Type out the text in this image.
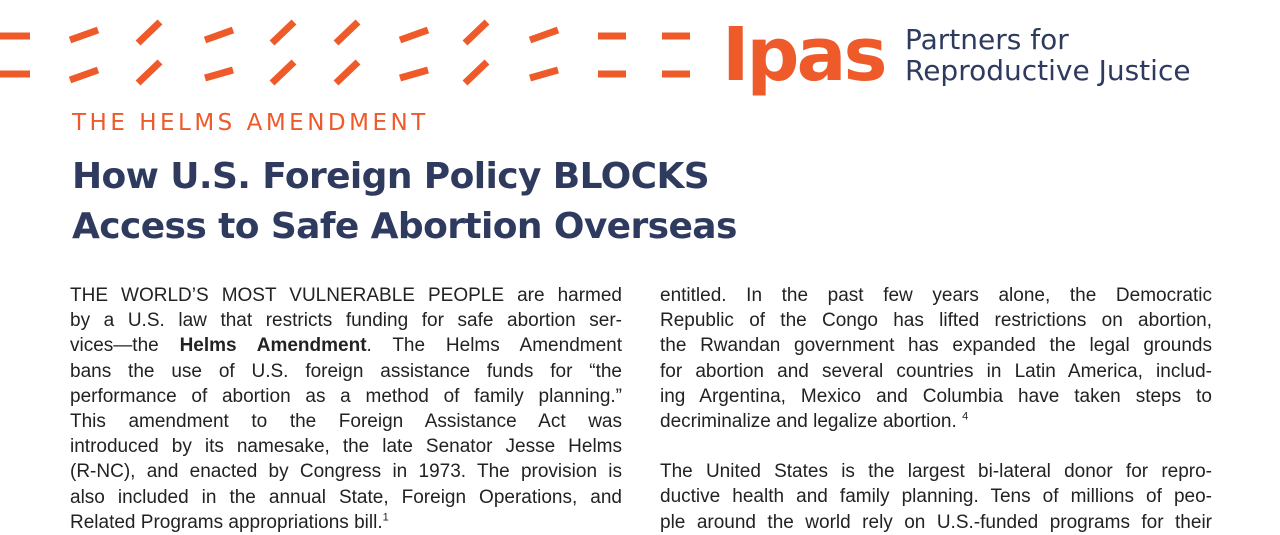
Ipas Partners for
Reproductive Justice
THE HELMS AMENDMENT
How U.S. Foreign Policy BLOCKS
Access to Safe Abortion Overseas
THE WORLD’S MOST VULNERABLE PEOPLE are harmed
by a U.S. law that restricts funding for safe abortion ser-
vices—the Helms Amendment. The Helms Amendment
bans the use of U.S. foreign assistance funds for “the
performance of abortion as a method of family planning.”
This amendment to the Foreign Assistance Act was
introduced by its namesake, the late Senator Jesse Helms
(R-NC), and enacted by Congress in 1973. The provision is
also included in the annual State, Foreign Operations, and
Related Programs appropriations bill.$^1$
entitled. In the past few years alone, the Democratic
Republic of the Congo has lifted restrictions on abortion,
the Rwandan government has expanded the legal grounds
for abortion and several countries in Latin America, includ-
ing Argentina, Mexico and Columbia have taken steps to
decriminalize and legalize abortion. $^4$
The United States is the largest bi-lateral donor for repro-
ductive health and family planning. Tens of millions of peo-
ple around the world rely on U.S.-funded programs for their
